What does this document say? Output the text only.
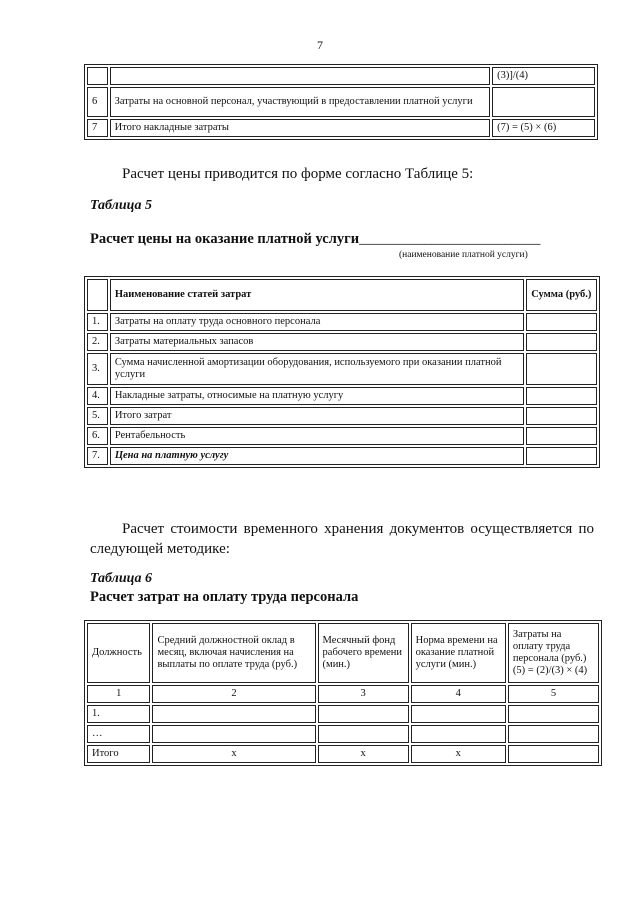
7
		(3)]/(4)
6	Затраты на основной персонал, участвующий в предоставлении платной услуги	
7	Итого накладные затраты	(7) = (5) × (6)
Расчет цены приводится по форме согласно Таблице 5:
Таблица 5
Расчет цены на оказание платной услуги_________________________
(наименование платной услуги)
	Наименование статей затрат	Сумма (руб.)
1.	Затраты на оплату труда основного персонала	
2.	Затраты материальных запасов	
3.	Сумма начисленной амортизации оборудования, используемого при оказании платной услуги	
4.	Накладные затраты, относимые на платную услугу	
5.	Итого затрат	
6.	Рентабельность	
7.	Цена на платную услугу	
Расчет стоимости временного хранения документов осуществляется по следующей методике:
Таблица 6
Расчет затрат на оплату труда персонала
Должность	Средний должностной оклад в месяц, включая начисления на выплаты по оплате труда (руб.)	Месячный фонд рабочего времени (мин.)	Норма времени на оказание платной услуги (мин.)	Затраты на оплату труда персонала (руб.) (5) = (2)/(3) × (4)
1	2	3	4	5
1.				
…				
Итого	x	x	x	
